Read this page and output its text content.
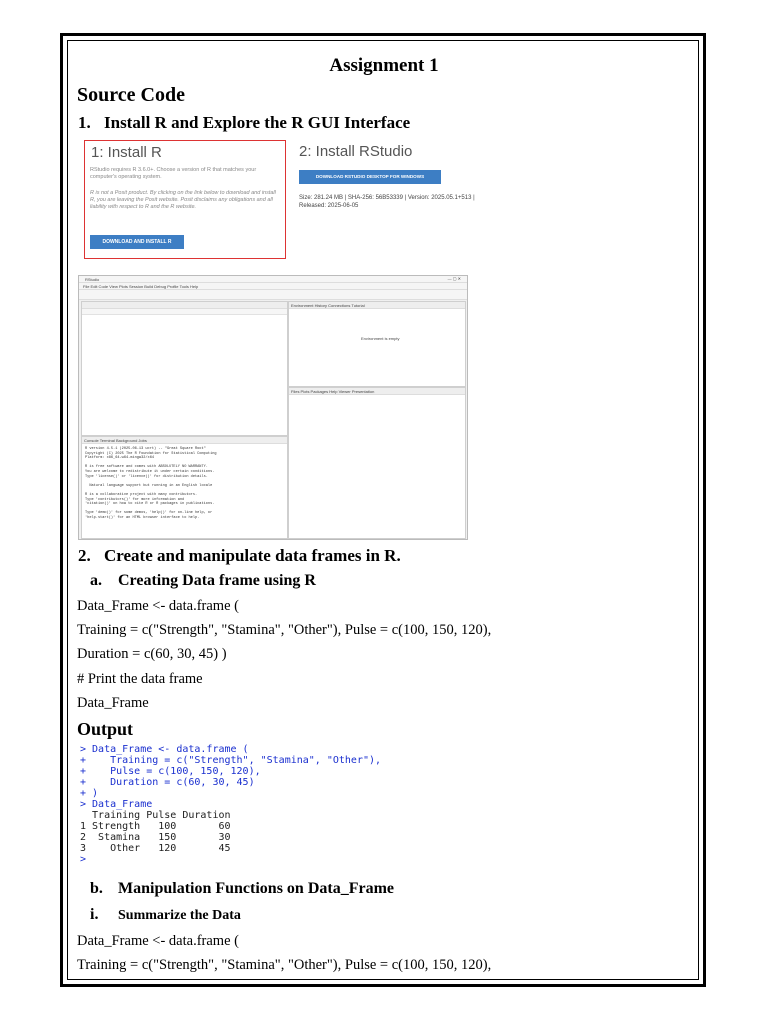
Assignment 1
Source Code
1. Install R and Explore the R GUI Interface
1: Install R
RStudio requires R 3.6.0+. Choose a version of R that matches your computer's operating system.
R is not a Posit product. By clicking on the link below to download and install R, you are leaving the Posit website. Posit disclaims any obligations and all liability with respect to R and the R website.
DOWNLOAD AND INSTALL R
2: Install RStudio
DOWNLOAD RSTUDIO DESKTOP FOR WINDOWS
Size: 281.24 MB | SHA-256: 56B53339 | Version: 2025.05.1+513 |
Released: 2025-06-05
RStudio	— ▢ ✕
File Edit Code View Plots Session Build Debug Profile Tools Help
Environment History Connections Tutorial
Environment is empty
Files Plots Packages Help Viewer Presentation
Console Terminal Background Jobs
R version 4.5.1 (2025-06-13 ucrt) -- "Great Square Root"
Copyright (C) 2025 The R Foundation for Statistical Computing
Platform: x86_64-w64-mingw32/x64
R is free software and comes with ABSOLUTELY NO WARRANTY.
You are welcome to redistribute it under certain conditions.
Type 'license()' or 'licence()' for distribution details.
Natural language support but running in an English locale
R is a collaborative project with many contributors.
Type 'contributors()' for more information and
'citation()' on how to cite R or R packages in publications.
Type 'demo()' for some demos, 'help()' for on-line help, or
'help.start()' for an HTML browser interface to help.
2. Create and manipulate data frames in R.
a. Creating Data frame using R
Data_Frame <- data.frame (
Training = c("Strength", "Stamina", "Other"), Pulse = c(100, 150, 120),
Duration = c(60, 30, 45) )
# Print the data frame
Data_Frame
Output
> Data_Frame <- data.frame (
+    Training = c("Strength", "Stamina", "Other"),
+    Pulse = c(100, 150, 120),
+    Duration = c(60, 30, 45)
+ )
> Data_Frame
Training Pulse Duration
1 Strength   100       60
2  Stamina   150       30
3    Other   120       45
>
b. Manipulation Functions on Data_Frame
i. Summarize the Data
Data_Frame <- data.frame (
Training = c("Strength", "Stamina", "Other"), Pulse = c(100, 150, 120),
